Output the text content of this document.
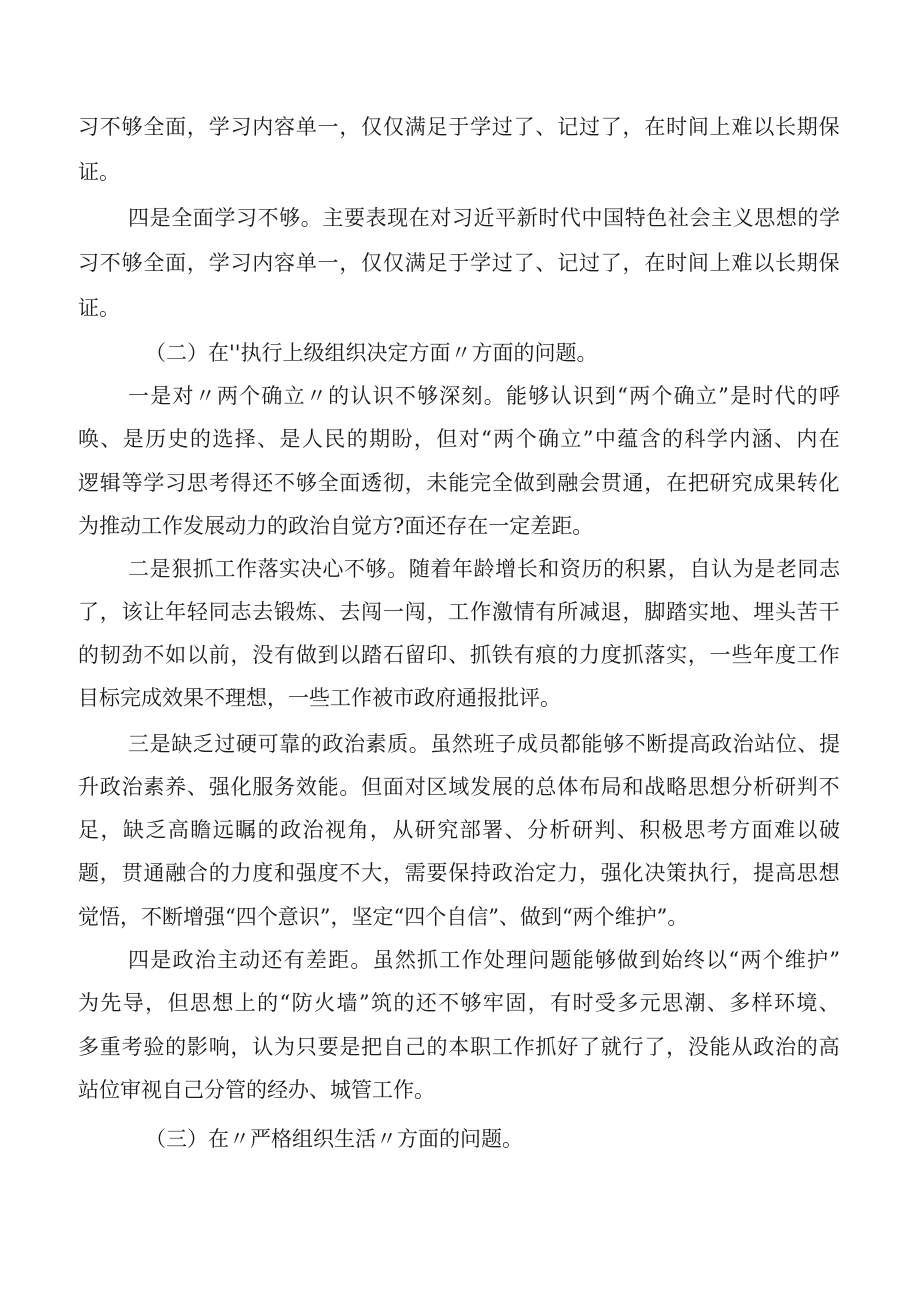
习 不 够 全 面 ， 学 习 内 容 单 一 ， 仅 仅 满 足 于 学 过 了 、 记 过 了 ， 在 时 间 上 难 以 长 期 保
证。
四 是 全 面 学 习 不 够 。 主 要 表 现 在 对 习 近 平 新 时 代 中 国 特 色 社 会 主 义 思 想 的 学
习 不 够 全 面 ， 学 习 内 容 单 一 ， 仅 仅 满 足 于 学 过 了 、 记 过 了 ， 在 时 间 上 难 以 长 期 保
证。
（二）在''执行上级组织决定方面〃方面的问题。
一 是 对 〃 两 个 确 立 〃 的 认 识 不 够 深 刻 。 能 够 认 识 到 “ 两 个 确 立 ” 是 时 代 的 呼
唤 、 是 历 史 的 选 择 、 是 人 民 的 期 盼 ， 但 对 “ 两 个 确 立 ” 中 蕴 含 的 科 学 内 涵 、 内 在
逻 辑 等 学 习 思 考 得 还 不 够 全 面 透 彻 ， 未 能 完 全 做 到 融 会 贯 通 ， 在 把 研 究 成 果 转 化
为推动工作发展动力的政治自觉方?面还存在一定差距。
二 是 狠 抓 工 作 落 实 决 心 不 够 。 随 着 年 龄 增 长 和 资 历 的 积 累 ， 自 认 为 是 老 同 志
了 ， 该 让 年 轻 同 志 去 锻 炼 、 去 闯 一 闯 ， 工 作 激 情 有 所 减 退 ， 脚 踏 实 地 、 埋 头 苦 干
的 韧 劲 不 如 以 前 ， 没 有 做 到 以 踏 石 留 印 、 抓 铁 有 痕 的 力 度 抓 落 实 ， 一 些 年 度 工 作
目标完成效果不理想，一些工作被市政府通报批评。
三 是 缺 乏 过 硬 可 靠 的 政 治 素 质 。 虽 然 班 子 成 员 都 能 够 不 断 提 高 政 治 站 位 、 提
升 政 治 素 养 、 强 化 服 务 效 能 。 但 面 对 区 域 发 展 的 总 体 布 局 和 战 略 思 想 分 析 研 判 不
足 ， 缺 乏 高 瞻 远 瞩 的 政 治 视 角 ， 从 研 究 部 署 、 分 析 研 判 、 积 极 思 考 方 面 难 以 破
题 ， 贯 通 融 合 的 力 度 和 强 度 不 大 ， 需 要 保 持 政 治 定 力 ， 强 化 决 策 执 行 ， 提 高 思 想
觉悟，不断增强“四个意识”，坚定“四个自信”、做到“两个维护”。
四 是 政 治 主 动 还 有 差 距 。 虽 然 抓 工 作 处 理 问 题 能 够 做 到 始 终 以 “ 两 个 维 护 ”
为 先 导 ， 但 思 想 上 的 “ 防 火 墙 ” 筑 的 还 不 够 牢 固 ， 有 时 受 多 元 思 潮 、 多 样 环 境 、
多 重 考 验 的 影 响 ， 认 为 只 要 是 把 自 己 的 本 职 工 作 抓 好 了 就 行 了 ， 没 能 从 政 治 的 高
站位审视自己分管的经办、城管工作。
（三）在〃严格组织生活〃方面的问题。
